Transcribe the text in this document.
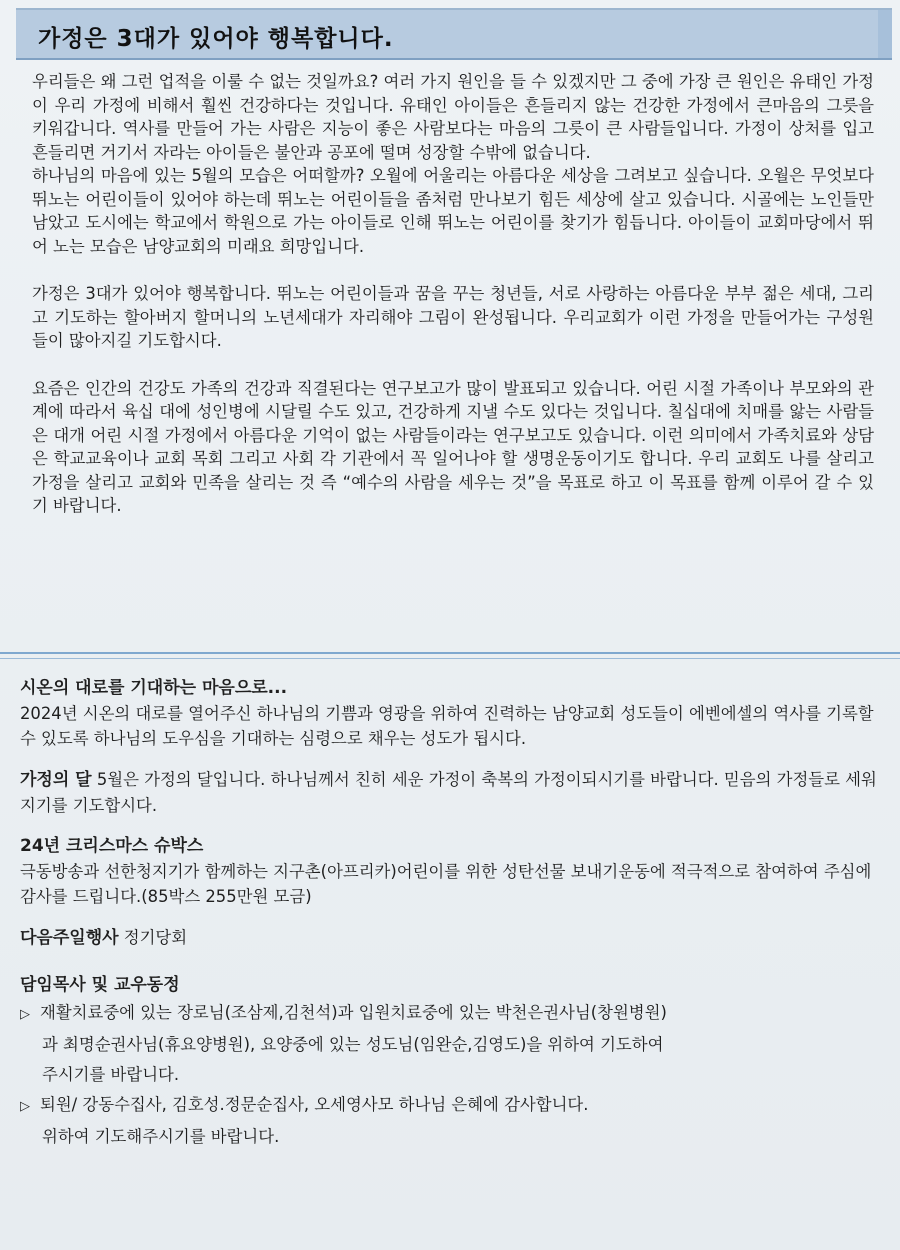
가정은 3대가 있어야 행복합니다.

우리들은 왜 그런 업적을 이룰 수 없는 것일까요? 여러 가지 원인을 들 수 있겠지만 그 중에 가장 큰 원인은 유태인 가정이 우리 가정에 비해서 훨씬 건강하다는 것입니다. 유태인 아이들은 흔들리지 않는 건강한 가정에서 큰마음의 그릇을 키워갑니다. 역사를 만들어 가는 사람은 지능이 좋은 사람보다는 마음의 그릇이 큰 사람들입니다. 가정이 상처를 입고 흔들리면 거기서 자라는 아이들은 불안과 공포에 떨며 성장할 수밖에 없습니다.

하나님의 마음에 있는 5월의 모습은 어떠할까? 오월에 어울리는 아름다운 세상을 그려보고 싶습니다. 오월은 무엇보다 뛰노는 어린이들이 있어야 하는데 뛰노는 어린이들을 좀처럼 만나보기 힘든 세상에 살고 있습니다. 시골에는 노인들만 남았고 도시에는 학교에서 학원으로 가는 아이들로 인해 뛰노는 어린이를 찾기가 힘듭니다. 아이들이 교회마당에서 뛰어 노는 모습은 남양교회의 미래요 희망입니다.

가정은 3대가 있어야 행복합니다. 뛰노는 어린이들과 꿈을 꾸는 청년들, 서로 사랑하는 아름다운 부부 젊은 세대, 그리고 기도하는 할아버지 할머니의 노년세대가 자리해야 그림이 완성됩니다. 우리교회가 이런 가정을 만들어가는 구성원들이 많아지길 기도합시다.

요즘은 인간의 건강도 가족의 건강과 직결된다는 연구보고가 많이 발표되고 있습니다. 어린 시절 가족이나 부모와의 관계에 따라서 육십 대에 성인병에 시달릴 수도 있고, 건강하게 지낼 수도 있다는 것입니다. 칠십대에 치매를 앓는 사람들은 대개 어린 시절 가정에서 아름다운 기억이 없는 사람들이라는 연구보고도 있습니다. 이런 의미에서 가족치료와 상담은 학교교육이나 교회 목회 그리고 사회 각 기관에서 꼭 일어나야 할 생명운동이기도 합니다. 우리 교회도 나를 살리고 가정을 살리고 교회와 민족을 살리는 것 즉 “예수의 사람을 세우는 것”을 목표로 하고 이 목표를 함께 이루어 갈 수 있기 바랍니다.

시온의 대로를 기대하는 마음으로...

2024년 시온의 대로를 열어주신 하나님의 기쁨과 영광을 위하여 진력하는 남양교회 성도들이 에벤에셀의 역사를 기록할 수 있도록 하나님의 도우심을 기대하는 심령으로 채우는 성도가 됩시다.

가정의 달 5월은 가정의 달입니다. 하나님께서 친히 세운 가정이 축복의 가정이되시기를 바랍니다. 믿음의 가정들로 세워지기를 기도합시다.

24년 크리스마스 슈박스

극동방송과 선한청지기가 함께하는 지구촌(아프리카)어린이를 위한 성탄선물 보내기운동에 적극적으로 참여하여 주심에 감사를 드립니다.(85박스 255만원 모금)

다음주일행사 정기당회

담임목사 및 교우동정

▷ 재활치료중에 있는 장로님(조삼제,김천석)과 입원치료중에 있는 박천은권사님(창원병원)

과 최명순권사님(휴요양병원), 요양중에 있는 성도님(임완순,김영도)을 위하여 기도하여

주시기를 바랍니다.

▷ 퇴원/ 강동수집사, 김호성.정문순집사, 오세영사모 하나님 은혜에 감사합니다.

위하여 기도해주시기를 바랍니다.
